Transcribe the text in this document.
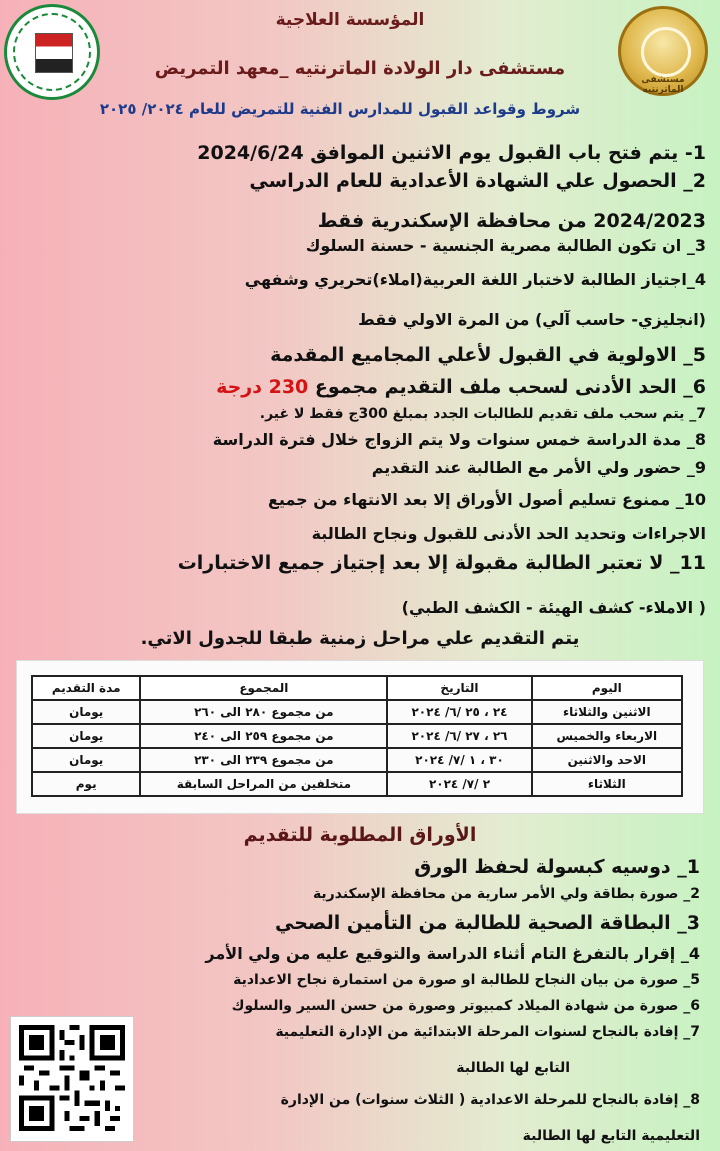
مستشفى الماترنتيه
المؤسسة العلاجية
مستشفى دار الولادة الماترنتيه _معهد التمريض
شروط وقواعد القبول للمدارس الفنية للتمريض للعام ٢٠٢٤/ ٢٠٢٥
1- يتم فتح باب القبول يوم الاثنين الموافق 2024/6/24
2_ الحصول علي الشهادة الأعدادية للعام الدراسي
2024/2023 من محافظة الإسكندرية فقط
3_ ان تكون الطالبة مصرية الجنسية - حسنة السلوك
4_اجتياز الطالبة لاختبار اللغة العربية(املاء)تحريري وشفهي
(انجليزي- حاسب آلي) من المرة الاولي فقط
5_ الاولوية في القبول لأعلي المجاميع المقدمة
6_ الحد الأدنى لسحب ملف التقديم مجموع 230 درجة
7_ يتم سحب ملف تقديم للطالبات الجدد بمبلغ 300ج فقط لا غير.
8_ مدة الدراسة خمس سنوات ولا يتم الزواج خلال فترة الدراسة
9_ حضور ولي الأمر مع الطالبة عند التقديم
10_ ممنوع تسليم أصول الأوراق إلا بعد الانتهاء من جميع
الاجراءات وتحديد الحد الأدنى للقبول ونجاح الطالبة
11_ لا تعتبر الطالبة مقبولة إلا بعد إجتياز جميع الاختبارات
( الاملاء- كشف الهيئة - الكشف الطبي)
يتم التقديم علي مراحل زمنية طبقا للجدول الاتي.
اليوم	التاريخ	المجموع	مدة التقديم
الاثنين والثلاثاء	٢٤ ، ٢٥ /٦/ ٢٠٢٤	من مجموع ٢٨٠ الى ٢٦٠	يومان
الاربعاء والخميس	٢٦ ، ٢٧ /٦/ ٢٠٢٤	من مجموع ٢٥٩ الى ٢٤٠	يومان
الاحد والاثنين	٣٠ ، ١ /٧/ ٢٠٢٤	من مجموع ٢٣٩ الى ٢٣٠	يومان
الثلاثاء	٢ /٧/ ٢٠٢٤	متخلفين من المراحل السابقة	يوم
الأوراق المطلوبة للتقديم
1_ دوسيه كبسولة لحفظ الورق
2_ صورة بطاقة ولي الأمر سارية من محافظة الإسكندرية
3_ البطاقة الصحية للطالبة من التأمين الصحي
4_ إقرار بالتفرغ التام أثناء الدراسة والتوقيع عليه من ولي الأمر
5_ صورة من بيان النجاح للطالبة او صورة من استمارة نجاح الاعدادية
6_ صورة من شهادة الميلاد كمبيوتر وصورة من حسن السير والسلوك
7_ إفادة بالنجاح لسنوات المرحلة الابتدائية من الإدارة التعليمية
التابع لها الطالبة
8_ إفادة بالنجاح للمرحلة الاعدادية ( الثلاث سنوات) من الإدارة
التعليمية التابع لها الطالبة
